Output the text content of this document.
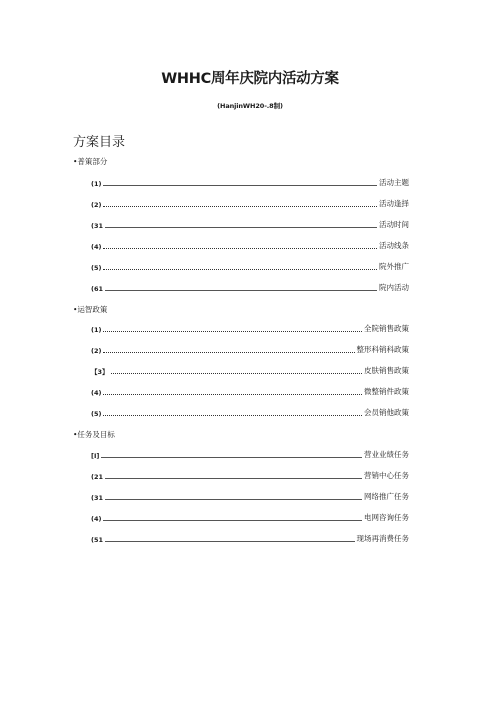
WHHC周年庆院内活动方案
(HanjinWH20-.8制)
方案目录
•普策部分
(1)	活动主题
(2)	活动逢择
(31	活动时间
(4)	活动线条
(5)	院外推广
(61	院内活动
•运智政策
(1)	全院销售政策
(2)	整形科销科政策
【3】	皮肤销售政策
(4)	微整销件政策
(5)	会员销他政策
•任务及目标
[I]	营业业绩任务
(21	营销中心任务
(31	网络推广任务
(4)	电网咨询任务
(51	现场再消费任务
